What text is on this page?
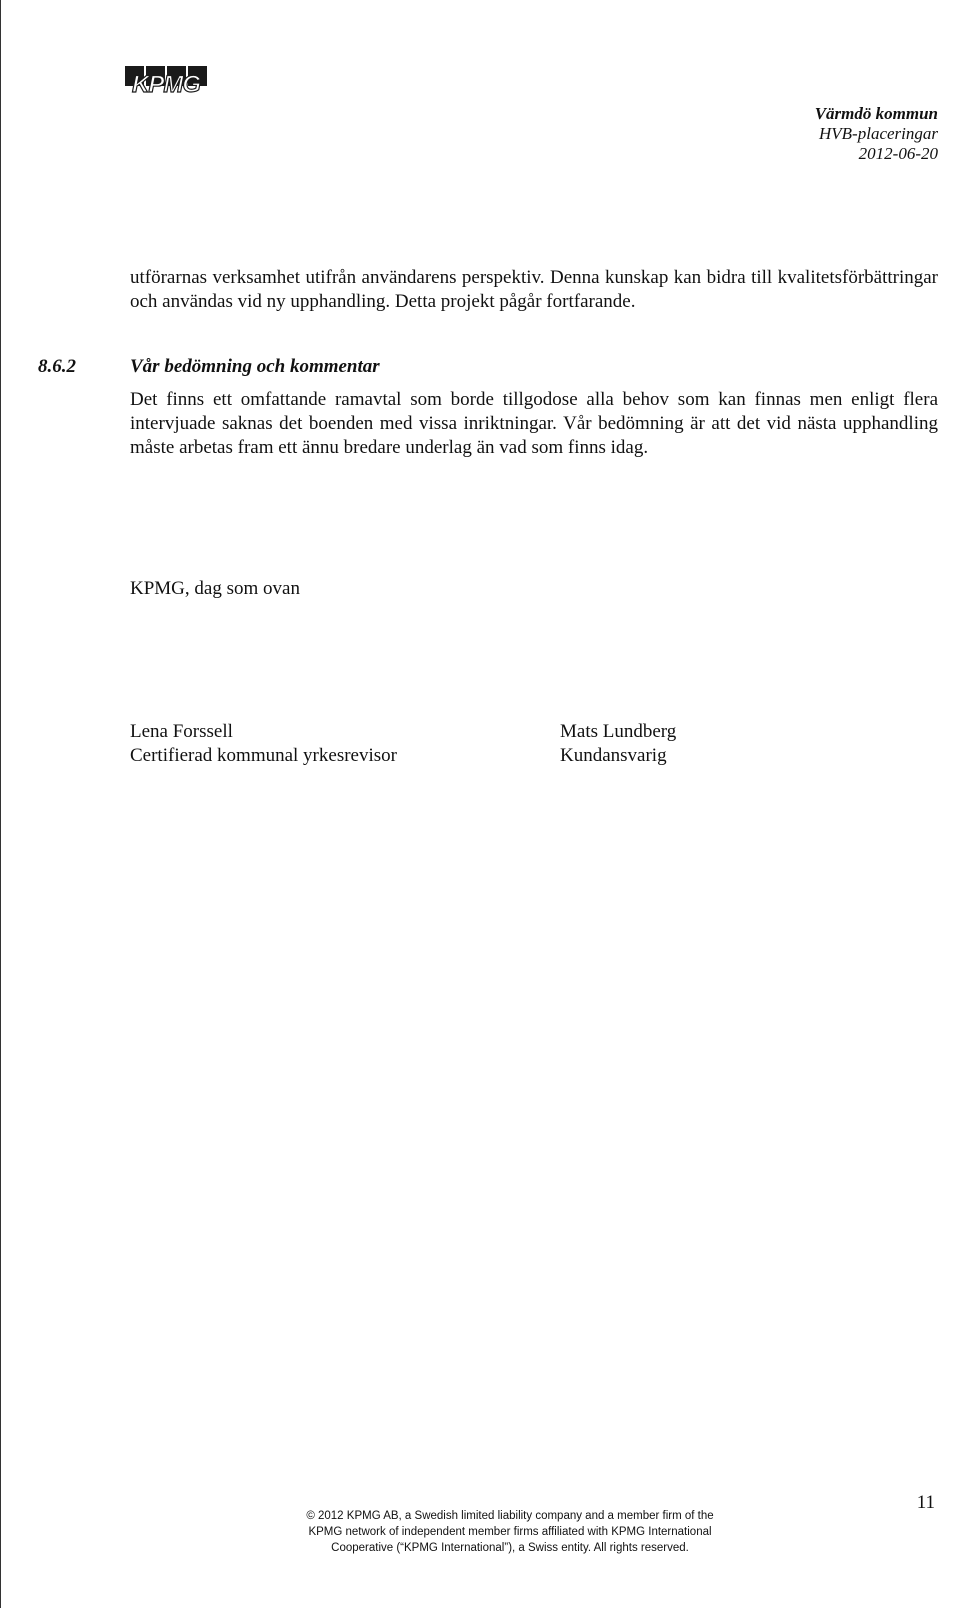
KPMG
Värmdö kommun
HVB-placeringar
2012-06-20
utförarnas verksamhet utifrån användarens perspektiv. Denna kunskap kan bidra till kvalitetsförbättringar och användas vid ny upphandling. Detta projekt pågår fortfarande.
8.6.2	Vår bedömning och kommentar
Det finns ett omfattande ramavtal som borde tillgodose alla behov som kan finnas men enligt flera intervjuade saknas det boenden med vissa inriktningar. Vår bedömning är att det vid nästa upphandling måste arbetas fram ett ännu bredare underlag än vad som finns idag.
KPMG, dag som ovan
Lena Forssell
Certifierad kommunal yrkesrevisor
Mats Lundberg
Kundansvarig
11
© 2012 KPMG AB, a Swedish limited liability company and a member firm of the
KPMG network of independent member firms affiliated with KPMG International
Cooperative (“KPMG International”), a Swiss entity. All rights reserved.
